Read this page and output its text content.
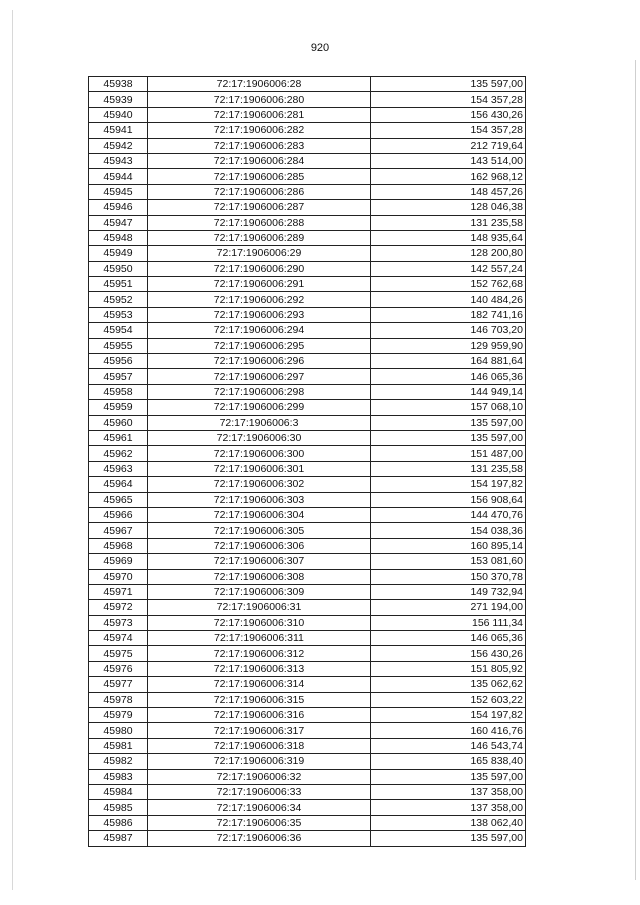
920
45938	72:17:1906006:28	135 597,00
45939	72:17:1906006:280	154 357,28
45940	72:17:1906006:281	156 430,26
45941	72:17:1906006:282	154 357,28
45942	72:17:1906006:283	212 719,64
45943	72:17:1906006:284	143 514,00
45944	72:17:1906006:285	162 968,12
45945	72:17:1906006:286	148 457,26
45946	72:17:1906006:287	128 046,38
45947	72:17:1906006:288	131 235,58
45948	72:17:1906006:289	148 935,64
45949	72:17:1906006:29	128 200,80
45950	72:17:1906006:290	142 557,24
45951	72:17:1906006:291	152 762,68
45952	72:17:1906006:292	140 484,26
45953	72:17:1906006:293	182 741,16
45954	72:17:1906006:294	146 703,20
45955	72:17:1906006:295	129 959,90
45956	72:17:1906006:296	164 881,64
45957	72:17:1906006:297	146 065,36
45958	72:17:1906006:298	144 949,14
45959	72:17:1906006:299	157 068,10
45960	72:17:1906006:3	135 597,00
45961	72:17:1906006:30	135 597,00
45962	72:17:1906006:300	151 487,00
45963	72:17:1906006:301	131 235,58
45964	72:17:1906006:302	154 197,82
45965	72:17:1906006:303	156 908,64
45966	72:17:1906006:304	144 470,76
45967	72:17:1906006:305	154 038,36
45968	72:17:1906006:306	160 895,14
45969	72:17:1906006:307	153 081,60
45970	72:17:1906006:308	150 370,78
45971	72:17:1906006:309	149 732,94
45972	72:17:1906006:31	271 194,00
45973	72:17:1906006:310	156 111,34
45974	72:17:1906006:311	146 065,36
45975	72:17:1906006:312	156 430,26
45976	72:17:1906006:313	151 805,92
45977	72:17:1906006:314	135 062,62
45978	72:17:1906006:315	152 603,22
45979	72:17:1906006:316	154 197,82
45980	72:17:1906006:317	160 416,76
45981	72:17:1906006:318	146 543,74
45982	72:17:1906006:319	165 838,40
45983	72:17:1906006:32	135 597,00
45984	72:17:1906006:33	137 358,00
45985	72:17:1906006:34	137 358,00
45986	72:17:1906006:35	138 062,40
45987	72:17:1906006:36	135 597,00
